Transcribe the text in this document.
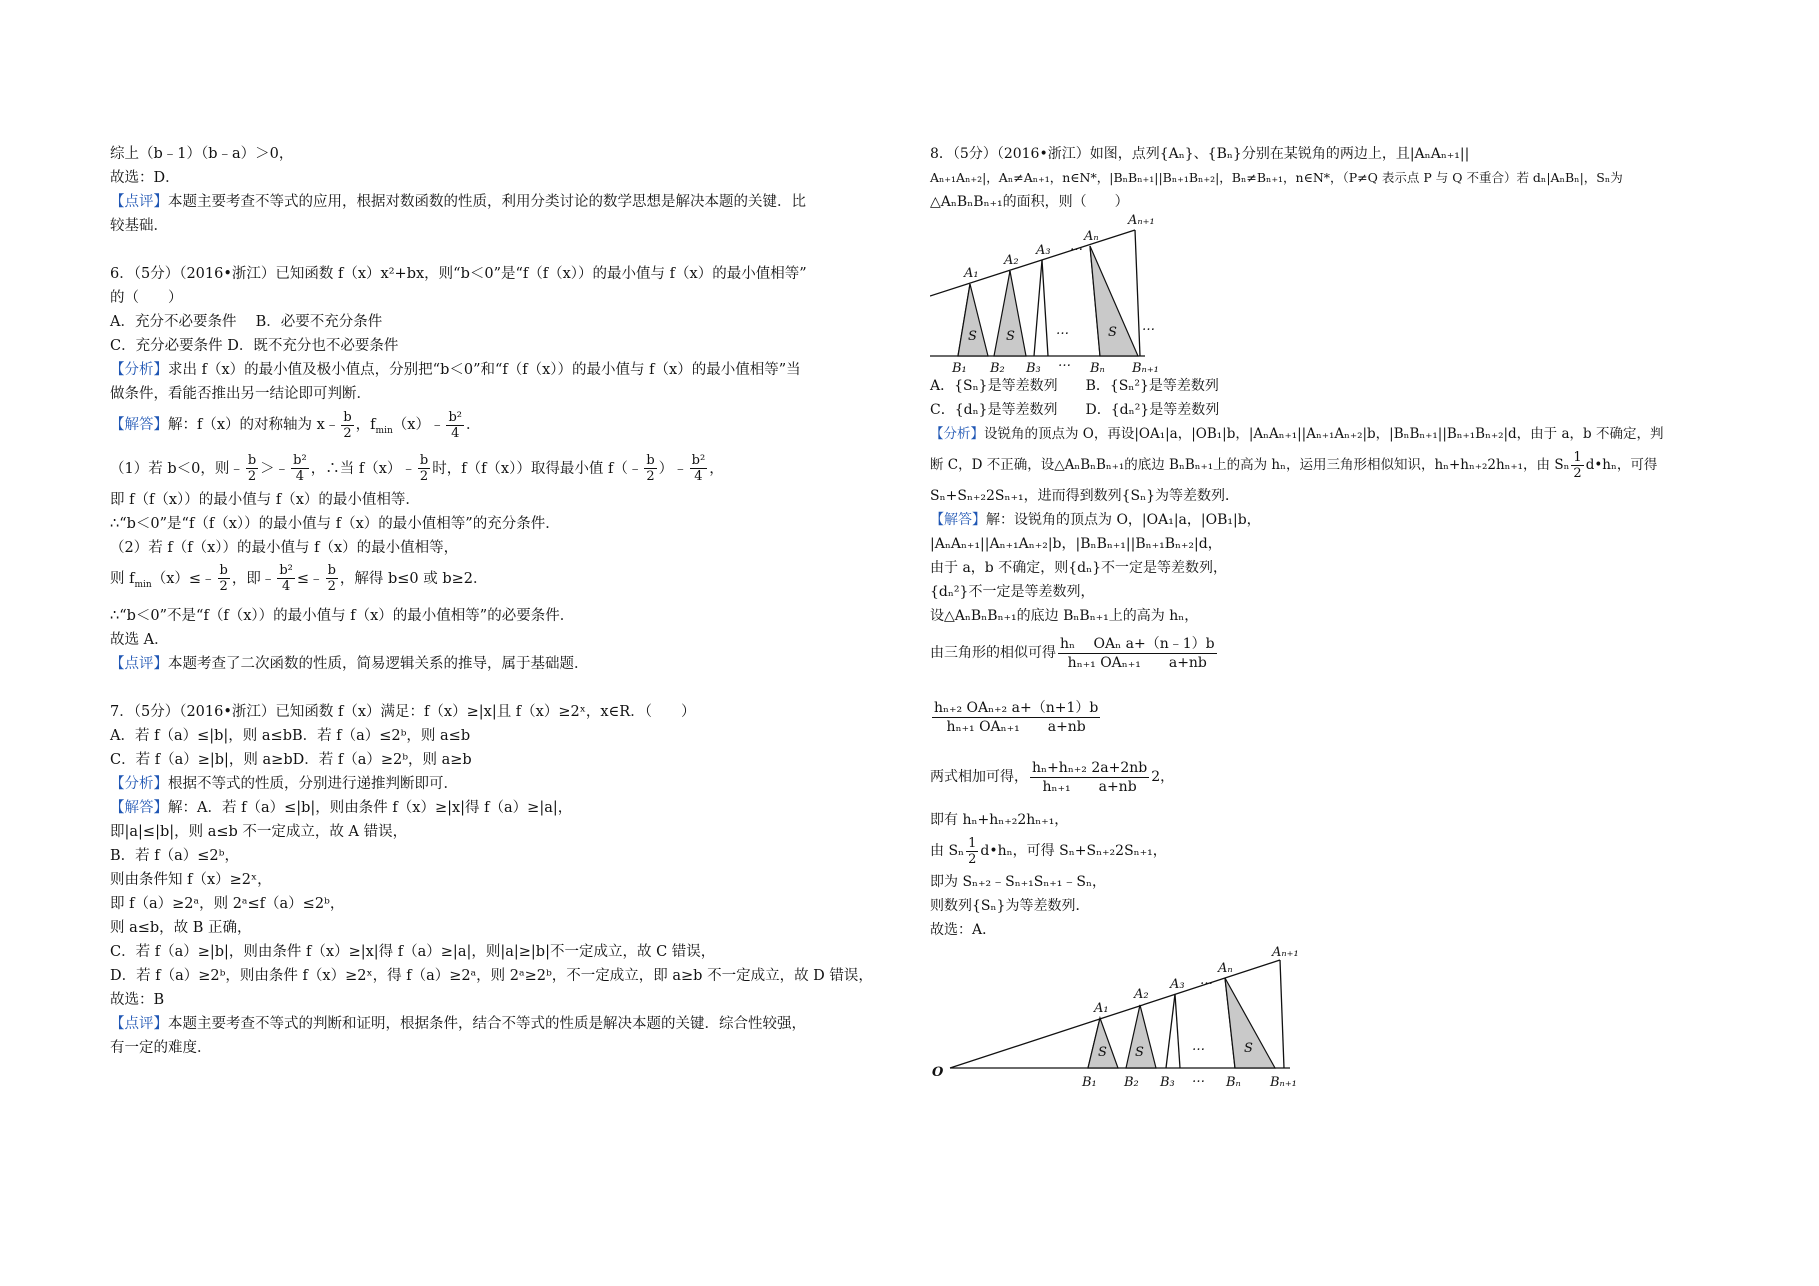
综上（b﹣1）（b﹣a）＞0，
故选：D．
【点评】本题主要考查不等式的应用，根据对数函数的性质，利用分类讨论的数学思想是解决本题的关键．比
较基础．
6．（5分）（2016•浙江）已知函数 f（x）x²+bx，则“b＜0”是“f（f（x））的最小值与 f（x）的最小值相等”
的（　　）
A．充分不必要条件　 B．必要不充分条件
C．充分必要条件 D．既不充分也不必要条件
【分析】求出 f（x）的最小值及极小值点，分别把“b＜0”和“f（f（x））的最小值与 f（x）的最小值相等”当
做条件，看能否推出另一结论即可判断．
【解答】解：f（x）的对称轴为 x﹣ $\frac{b}{2}$ ，$f_{min}(x)﹣ \frac{\text{b²}}{4}$ ．
（1）若 b＜0，则﹣ $\frac{b}{2}$ ＞﹣ $\frac{\text{b²}}{4}$ ，∴当 f（x）﹣ $\frac{b}{2}$ 时，f（f（x））取得最小值 f（﹣ $\frac{b}{2}$ ）﹣ $\frac{\text{b²}}{4}$ ，
即 f（f（x））的最小值与 f（x）的最小值相等．
∴“b＜0”是“f（f（x））的最小值与 f（x）的最小值相等”的充分条件．
（2）若 f（f（x））的最小值与 f（x）的最小值相等，
则 $f_{min}(x)\le﹣ \frac{b}{2}$ ，即﹣ $\frac{\text{b²}}{4}$ ≤﹣ $\frac{b}{2}$ ，解得 b≤0 或 b≥2．
∴“b＜0”不是“f（f（x））的最小值与 f（x）的最小值相等”的必要条件．
故选 A．
【点评】本题考查了二次函数的性质，简易逻辑关系的推导，属于基础题．
7．（5分）（2016•浙江）已知函数 f（x）满足：f（x）≥|x|且 f（x）≥2ˣ，x∈R．（　　）
A．若 f（a）≤|b|，则 a≤bB．若 f（a）≤2ᵇ，则 a≤b
C．若 f（a）≥|b|，则 a≥bD．若 f（a）≥2ᵇ，则 a≥b
【分析】根据不等式的性质，分别进行递推判断即可．
【解答】解：A．若 f（a）≤|b|，则由条件 f（x）≥|x|得 f（a）≥|a|，
即|a|≤|b|，则 a≤b 不一定成立，故 A 错误，
B．若 f（a）≤2ᵇ，
则由条件知 f（x）≥2ˣ，
即 f（a）≥2ᵃ，则 2ᵃ≤f（a）≤2ᵇ，
则 a≤b，故 B 正确，
C．若 f（a）≥|b|，则由条件 f（x）≥|x|得 f（a）≥|a|，则|a|≥|b|不一定成立，故 C 错误，
D．若 f（a）≥2ᵇ，则由条件 f（x）≥2ˣ，得 f（a）≥2ᵃ，则 2ᵃ≥2ᵇ，不一定成立，即 a≥b 不一定成立，故 D 错误，
故选：B
【点评】本题主要考查不等式的判断和证明，根据条件，结合不等式的性质是解决本题的关键．综合性较强，
有一定的难度．
8．（5分）（2016•浙江）如图，点列{Aₙ}、{Bₙ}分别在某锐角的两边上，且|AₙAₙ₊₁||
Aₙ₊₁Aₙ₊₂|，Aₙ≠Aₙ₊₁，n∈N*，|BₙBₙ₊₁||Bₙ₊₁Bₙ₊₂|，Bₙ≠Bₙ₊₁，n∈N*，（P≠Q 表示点 P 与 Q 不重合）若 dₙ|AₙBₙ|，Sₙ为
△AₙBₙBₙ₊₁的面积，则（　　）
A₁
A₂
A₃
Aₙ
Aₙ₊₁
B₁ B₂ B₃	Bₙ Bₙ₊₁
S S	S
…
…
…
…
A．{Sₙ}是等差数列　　B．{Sₙ²}是等差数列
C．{dₙ}是等差数列　　D．{dₙ²}是等差数列
【分析】设锐角的顶点为 O，再设|OA₁|a，|OB₁|b，|AₙAₙ₊₁||Aₙ₊₁Aₙ₊₂|b，|BₙBₙ₊₁||Bₙ₊₁Bₙ₊₂|d，由于 a，b 不确定，判
断 C，D 不正确，设△AₙBₙBₙ₊₁的底边 BₙBₙ₊₁上的高为 hₙ，运用三角形相似知识，hₙ+hₙ₊₂2hₙ₊₁，由 Sₙ $\frac{1}{2}$ d•hₙ，可得
Sₙ+Sₙ₊₂2Sₙ₊₁，进而得到数列{Sₙ}为等差数列．
【解答】解：设锐角的顶点为 O，|OA₁|a，|OB₁|b，
|AₙAₙ₊₁||Aₙ₊₁Aₙ₊₂|b，|BₙBₙ₊₁||Bₙ₊₁Bₙ₊₂|d，
由于 a，b 不确定，则{dₙ}不一定是等差数列，
{dₙ²}不一定是等差数列，
设△AₙBₙBₙ₊₁的底边 BₙBₙ₊₁上的高为 hₙ，
由三角形的相似可得 $\frac{\text{hₙ　 OAₙ a+（n﹣1）b}}{\text{hₙ₊₁ OAₙ₊₁　　a+nb}}$
$\frac{\text{hₙ₊₂ OAₙ₊₂ a+（n+1）b}}{\text{hₙ₊₁ OAₙ₊₁　　a+nb}}$
两式相加可得， $\frac{\text{hₙ+hₙ₊₂ 2a+2nb}}{\text{hₙ₊₁　　a+nb}} 2$，
即有 hₙ+hₙ₊₂2hₙ₊₁，
由 Sₙ $\frac{1}{2}$ d•hₙ，可得 Sₙ+Sₙ₊₂2Sₙ₊₁，
即为 Sₙ₊₂﹣Sₙ₊₁Sₙ₊₁﹣Sₙ，
则数列{Sₙ}为等差数列．
故选：A．
O
A₁
A₂
A₃
Aₙ
Aₙ₊₁
B₁ B₂ B₃	Bₙ Bₙ₊₁
S S	S
…
…
…
